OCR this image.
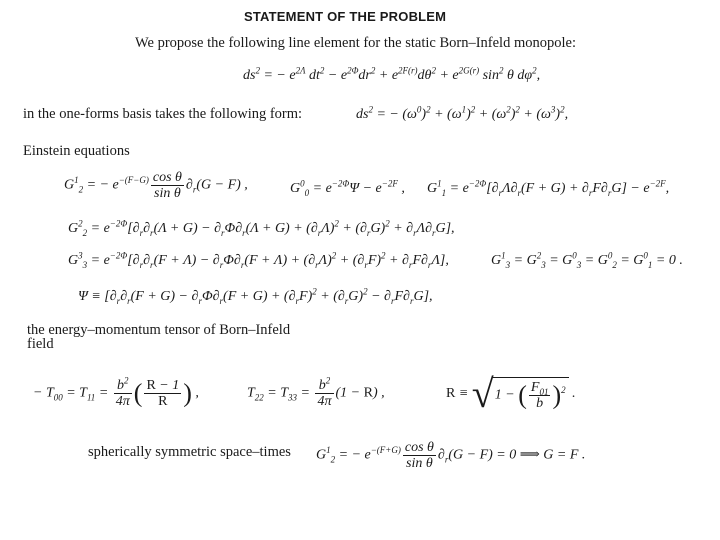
STATEMENT OF THE PROBLEM
We propose the following line element for the static Born–Infeld monopole:
$ds^2$ = − $e^{2\Lambda}$ $dt^2 - e^{2\Phi}dr^2 + e^{2F(r)}d\theta^2 + e^{2G(r)}$ $\sin^2 \theta$ $d\varphi^2$,
in the one-forms basis takes the following form:	$ds^2$ = − $(\omega^0)^2 + (\omega^1)^2 + (\omega^2)^2 + (\omega^3)^2$,
Einstein equations
$G^1_2$ = − $e^{-(F-G)} \frac{\text{cos θ}}{\text{sin θ}} \partial_r(G - F)$ ,	$G^0_0 = e^{-2\Phi}\Psi - e^{-2F}$ , $G^1_1 = e^{-2\Phi}[\partial_r\Lambda\partial_r(F + G) + \partial_rF\partial_rG] - e^{-2F}$,
$G^2_2 = e^{-2\Phi}[\partial_r\partial_r(\Lambda + G) - \partial_r\Phi\partial_r(\Lambda + G) + (\partial_r\Lambda)^2 + (\partial_rG)^2 + \partial_r\Lambda\partial_rG]$,
$G^3_3 = e^{-2\Phi}[\partial_r\partial_r(F + \Lambda) - \partial_r\Phi\partial_r(F + \Lambda) + (\partial_r\Lambda)^2 + (\partial_rF)^2 + \partial_rF\partial_r\Lambda]$,	$G^1_3 = G^2_3 = G^0_3 = G^0_2 = G^0_1 = 0$ .
$\Psi \equiv [\partial_r\partial_r(F + G) - \partial_r\Phi\partial_r(F + G) + (\partial_rF)^2 + (\partial_rG)^2 - \partial_rF\partial_rG]$,
the energy–momentum tensor of Born–Infeld
field
− $T_{00} = T_{11} = \frac{b^2}{4\pi}$ ( $\frac{R - 1}{R}$ ) ,	$T_{22} = T_{33} = \frac{b^2}{4\pi} (1 - R)$ ,	R ≡ √1 − ( $\frac{F_{01}}{b} )^2$ .
spherically symmetric space–times $G^1_2$ = − $e^{-(F+G)} \frac{\text{cos θ}}{\text{sin θ}} \partial_r(G - F) = 0$ ⟹ G = F .
